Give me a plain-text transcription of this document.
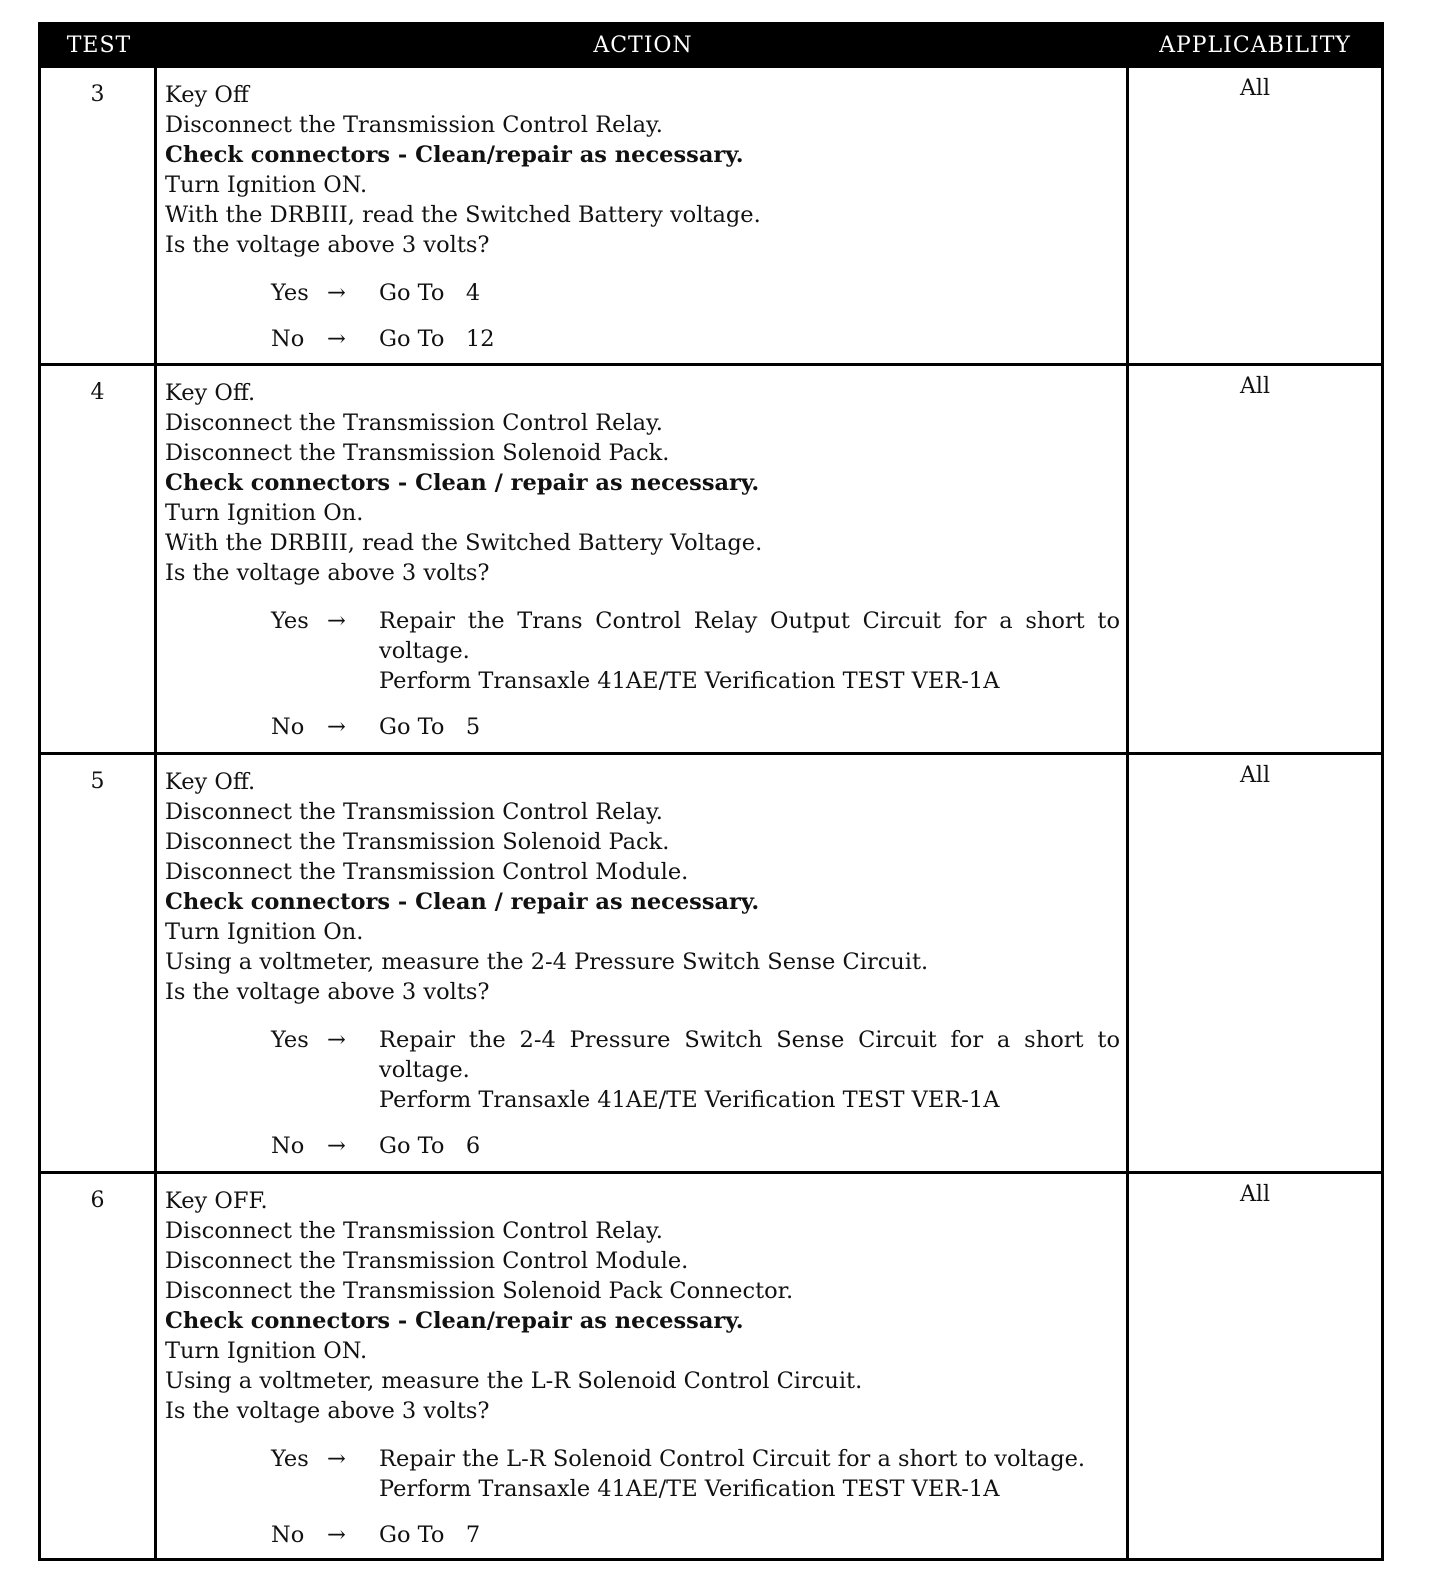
TEST	ACTION	APPLICABILITY
3	Key Off
Disconnect the Transmission Control Relay.
Check connectors - Clean/repair as necessary.
Turn Ignition ON.
With the DRBIII, read the Switched Battery voltage.
Is the voltage above 3 volts?
Yes →	Go To   4
No	→	Go To   12
All
4	Key Off.
Disconnect the Transmission Control Relay.
Disconnect the Transmission Solenoid Pack.
Check connectors - Clean / repair as necessary.
Turn Ignition On.
With the DRBIII, read the Switched Battery Voltage.
Is the voltage above 3 volts?
Yes →	Repair the Trans Control Relay Output Circuit for a short to voltage.
Perform Transaxle 41AE/TE Verification TEST VER-1A
No	→	Go To   5
All
5	Key Off.
Disconnect the Transmission Control Relay.
Disconnect the Transmission Solenoid Pack.
Disconnect the Transmission Control Module.
Check connectors - Clean / repair as necessary.
Turn Ignition On.
Using a voltmeter, measure the 2-4 Pressure Switch Sense Circuit.
Is the voltage above 3 volts?
Yes →	Repair the 2-4 Pressure Switch Sense Circuit for a short to voltage.
Perform Transaxle 41AE/TE Verification TEST VER-1A
No	→	Go To   6
All
6	Key OFF.
Disconnect the Transmission Control Relay.
Disconnect the Transmission Control Module.
Disconnect the Transmission Solenoid Pack Connector.
Check connectors - Clean/repair as necessary.
Turn Ignition ON.
Using a voltmeter, measure the L-R Solenoid Control Circuit.
Is the voltage above 3 volts?
Yes →	Repair the L-R Solenoid Control Circuit for a short to voltage.
Perform Transaxle 41AE/TE Verification TEST VER-1A
No	→	Go To   7
All
